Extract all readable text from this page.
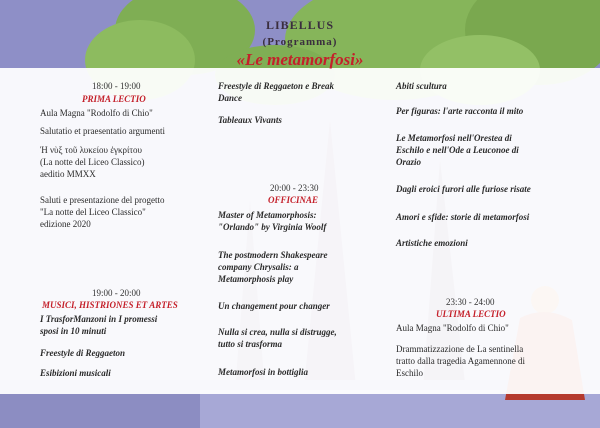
LIBELLUS
(Programma)
«Le metamorfosi»
18:00 - 19:00
PRIMA LECTIO
Aula Magna "Rodolfo di Chio"
Salutatio et praesentatio argumenti
Ἡ νὺξ τοῦ λυκείου ἐγκρίτου
(La notte del Liceo Classico)
aeditio MMXX
Saluti e presentazione del progetto
"La notte del Liceo Classico"
edizione 2020
19:00 - 20:00
MUSICI, HISTRIONES ET ARTES
I TrasforManzoni in I promessi
sposi in 10 minuti
Freestyle di Reggaeton
Esibizioni musicali
Freestyle di Reggaeton e Break
Dance
Tableaux Vivants
20:00 - 23:30
OFFICINAE
Master of Metamorphosis:
"Orlando" by Virginia Woolf
The postmodern Shakespeare
company Chrysalis: a
Metamorphosis play
Un changement pour changer
Nulla si crea, nulla si distrugge,
tutto si trasforma
Metamorfosi in bottiglia
Abiti scultura
Per figuras: l'arte racconta il mito
Le Metamorfosi nell'Orestea di
Eschilo e nell'Ode a Leuconoe di
Orazio
Dagli eroici furori alle furiose risate
Amori e sfide: storie di metamorfosi
Artistiche emozioni
23:30 - 24:00
ULTIMA LECTIO
Aula Magna "Rodolfo di Chio"
Drammatizzazione de La sentinella
tratto dalla tragedia Agamennone di
Eschilo
